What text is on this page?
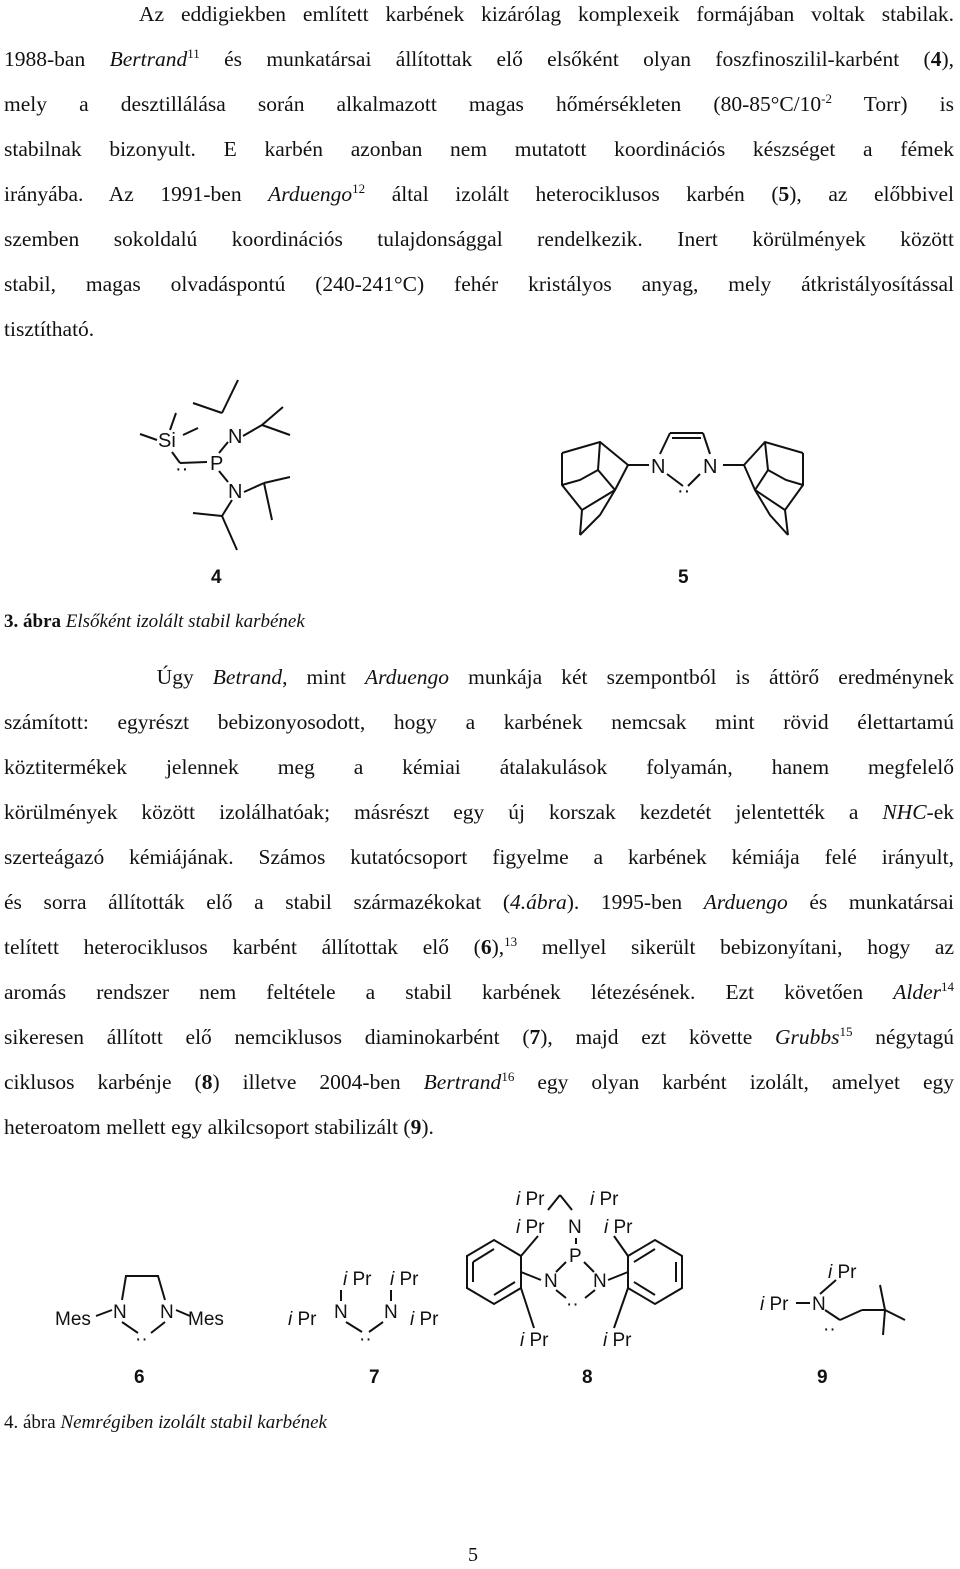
Az eddigiekben említett karbének kizárólag komplexeik formájában voltak stabilak.
1988-ban Bertrand$^{11}$ és munkatársai állítottak elő elsőként olyan foszfinoszilil-karbént (4),
mely a desztillálása során alkalmazott magas hőmérsékleten ($80-85^\circ C/10^{-2}$ Torr) is
stabilnak bizonyult. E karbén azonban nem mutatott koordinációs készséget a fémek
irányába. Az 1991-ben Arduengo$^{12}$ által izolált heterociklusos karbén (5), az előbbivel
szemben sokoldalú koordinációs tulajdonsággal rendelkezik. Inert körülmények között
stabil, magas olvadáspontú (240-241°C) fehér kristályos anyag, mely átkristályosítással
tisztítható.
Si	N
P
N
··	N N
··
4	5
3. ábra Elsőként izolált stabil karbének
Úgy Betrand, mint Arduengo munkája két szempontból is áttörő eredménynek
számított: egyrészt bebizonyosodott, hogy a karbének nemcsak mint rövid élettartamú
köztitermékek jelennek meg a kémiai átalakulások folyamán, hanem megfelelő
körülmények között izolálhatóak; másrészt egy új korszak kezdetét jelentették a NHC-ek
szerteágazó kémiájának. Számos kutatócsoport figyelme a karbének kémiája felé irányult,
és sorra állították elő a stabil származékokat (4.ábra). 1995-ben Arduengo és munkatársai
telített heterociklusos karbént állítottak elő (6),$^{13}$ mellyel sikerült bebizonyítani, hogy az
aromás rendszer nem feltétele a stabil karbének létezésének. Ezt követően Alder$^{14}$
sikeresen állított elő nemciklusos diaminokarbént (7), majd ezt követte Grubbs$^{15}$ négytagú
ciklusos karbénje (8) illetve 2004-ben Bertrand$^{16}$ egy olyan karbént izolált, amelyet egy
heteroatom mellett egy alkilcsoport stabilizált (9).
Mes N N Mes
··
i Pr N
i Pr
N
i Pr
i Pr
··
i Pr i Pr
i Pr N i Pr
P
N N
··
i Pr	i Pr
i Pr
i Pr
N
··
6	7	8	9
4. ábra Nemrégiben izolált stabil karbének
5
